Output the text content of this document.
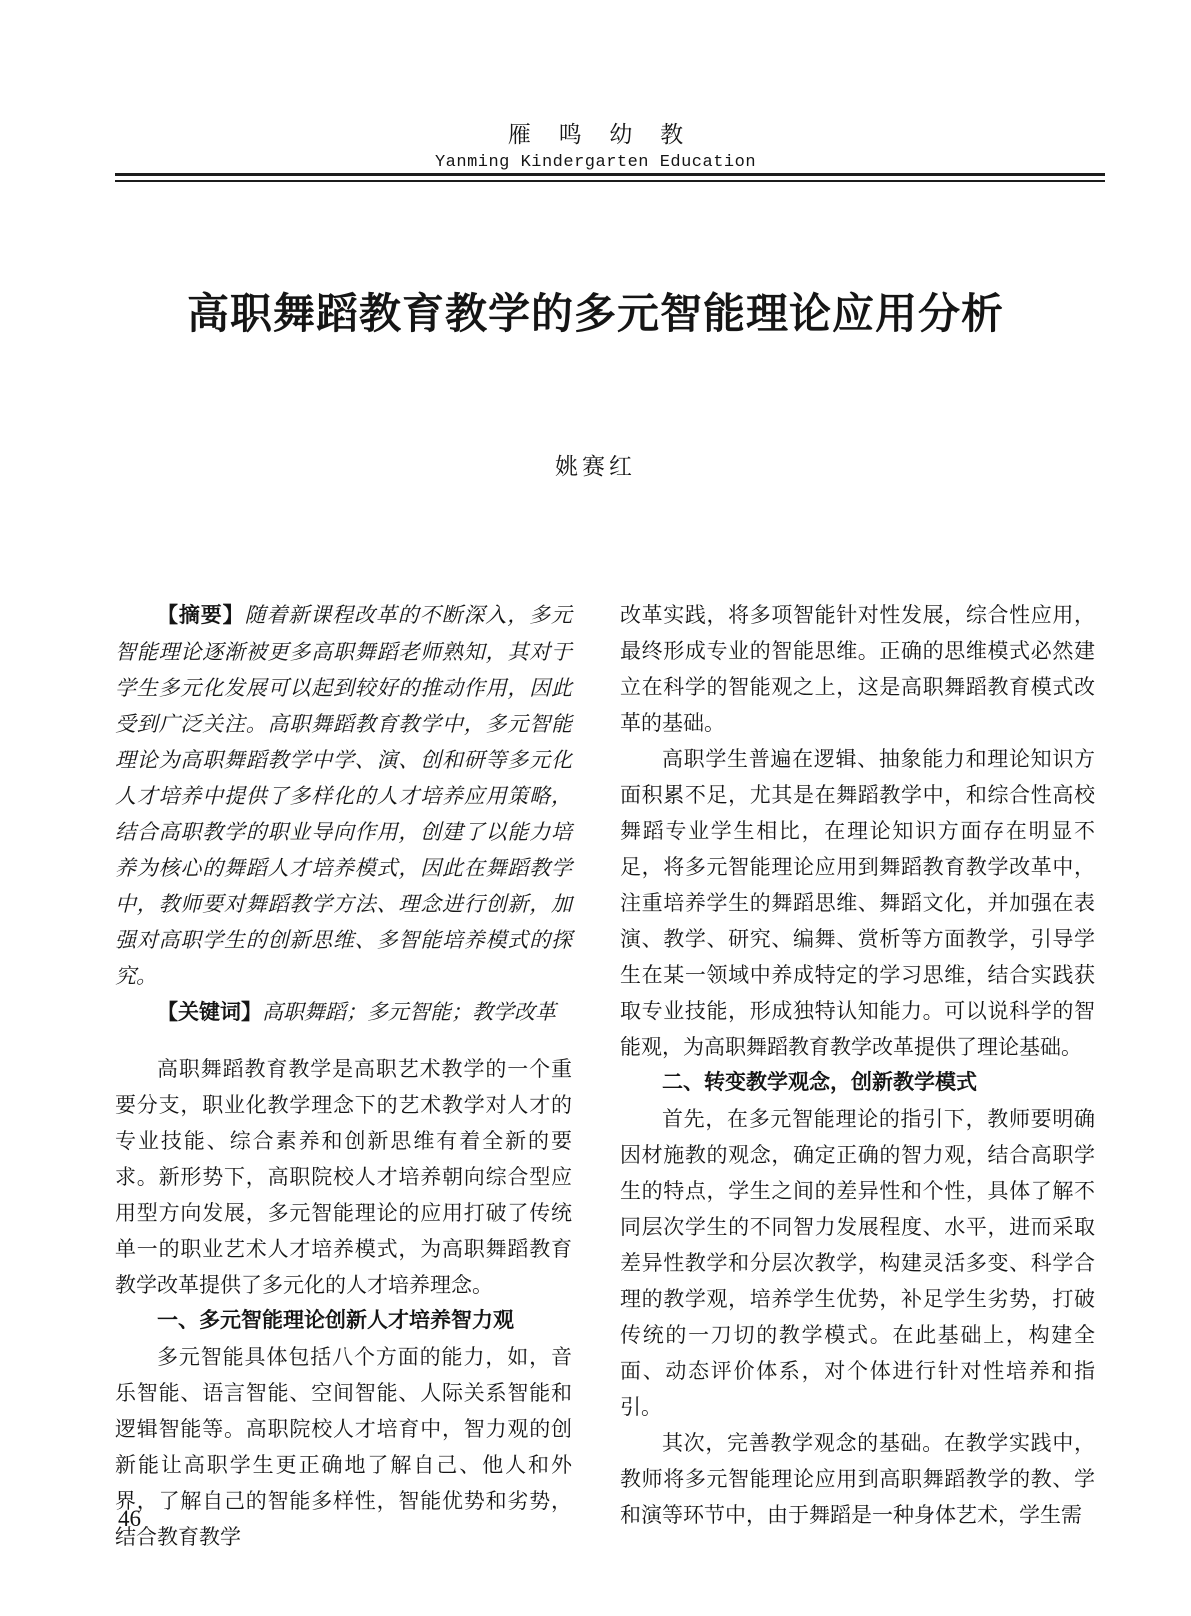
雁 鸣 幼 教
Yanming Kindergarten Education
高职舞蹈教育教学的多元智能理论应用分析
姚赛红

【摘要】随着新课程改革的不断深入，多元智能理论逐渐被更多高职舞蹈老师熟知，其对于学生多元化发展可以起到较好的推动作用，因此受到广泛关注。高职舞蹈教育教学中，多元智能理论为高职舞蹈教学中学、演、创和研等多元化人才培养中提供了多样化的人才培养应用策略，结合高职教学的职业导向作用，创建了以能力培养为核心的舞蹈人才培养模式，因此在舞蹈教学中，教师要对舞蹈教学方法、理念进行创新，加强对高职学生的创新思维、多智能培养模式的探究。

【关键词】高职舞蹈；多元智能；教学改革

高职舞蹈教育教学是高职艺术教学的一个重要分支，职业化教学理念下的艺术教学对人才的专业技能、综合素养和创新思维有着全新的要求。新形势下，高职院校人才培养朝向综合型应用型方向发展，多元智能理论的应用打破了传统单一的职业艺术人才培养模式，为高职舞蹈教育教学改革提供了多元化的人才培养理念。

一、多元智能理论创新人才培养智力观

多元智能具体包括八个方面的能力，如，音乐智能、语言智能、空间智能、人际关系智能和逻辑智能等。高职院校人才培育中，智力观的创新能让高职学生更正确地了解自己、他人和外界，了解自己的智能多样性，智能优势和劣势，结合教育教学

改革实践，将多项智能针对性发展，综合性应用，最终形成专业的智能思维。正确的思维模式必然建立在科学的智能观之上，这是高职舞蹈教育模式改革的基础。

高职学生普遍在逻辑、抽象能力和理论知识方面积累不足，尤其是在舞蹈教学中，和综合性高校舞蹈专业学生相比，在理论知识方面存在明显不足，将多元智能理论应用到舞蹈教育教学改革中，注重培养学生的舞蹈思维、舞蹈文化，并加强在表演、教学、研究、编舞、赏析等方面教学，引导学生在某一领域中养成特定的学习思维，结合实践获取专业技能，形成独特认知能力。可以说科学的智能观，为高职舞蹈教育教学改革提供了理论基础。

二、转变教学观念，创新教学模式

首先，在多元智能理论的指引下，教师要明确因材施教的观念，确定正确的智力观，结合高职学生的特点，学生之间的差异性和个性，具体了解不同层次学生的不同智力发展程度、水平，进而采取差异性教学和分层次教学，构建灵活多变、科学合理的教学观，培养学生优势，补足学生劣势，打破传统的一刀切的教学模式。在此基础上，构建全面、动态评价体系，对个体进行针对性培养和指引。

其次，完善教学观念的基础。在教学实践中，教师将多元智能理论应用到高职舞蹈教学的教、学和演等环节中，由于舞蹈是一种身体艺术，学生需

46
